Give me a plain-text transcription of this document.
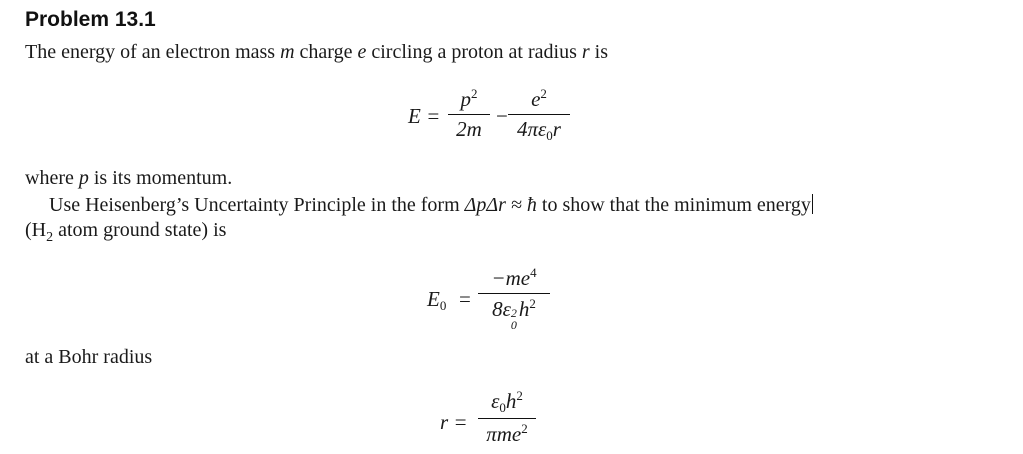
Problem 13.1
The energy of an electron mass m charge e circling a proton at radius r is
E =
$p^2$
2m
−
$e^2$
4πε0r
where p is its momentum.
Use Heisenberg’s Uncertainty Principle in the form ΔpΔr ≈ ħ to show that the minimum energy
($H_2$ atom ground state) is
E0 =
$-me^4$
8ε 2
0
$h^2$
at a Bohr radius
r =
$\varepsilon 0h^2$
πme$^2$
